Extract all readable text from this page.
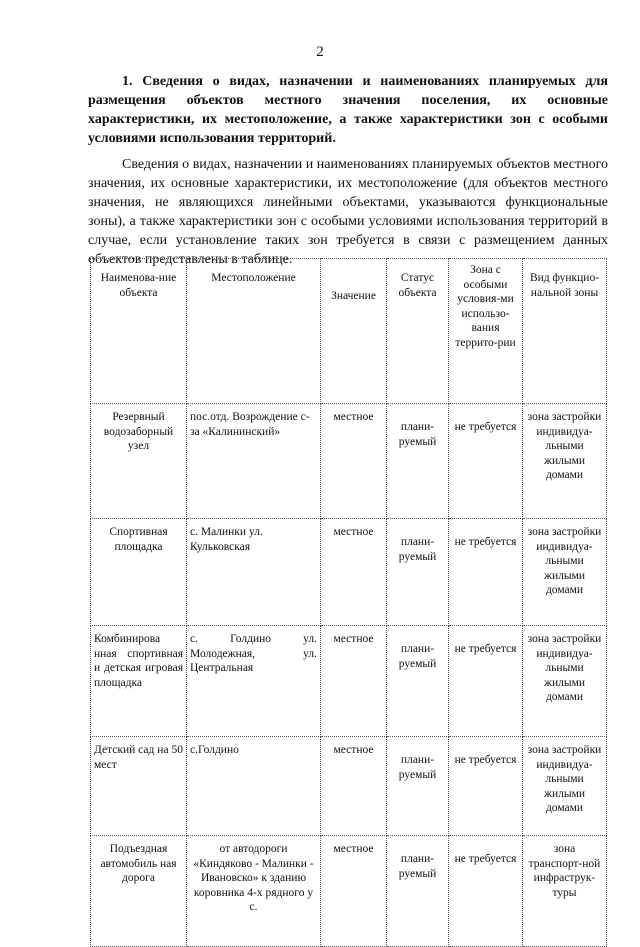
2
1. Сведения о видах, назначении и наименованиях планируемых для размещения объектов местного значения поселения, их основные характеристики, их местоположение, а также характеристики зон с особыми условиями использования территорий.
Сведения о видах, назначении и наименованиях планируемых объектов местного значения, их основные характеристики, их местоположение (для объектов местного значения, не являющихся линейными объектами, указываются функциональные зоны), а также характеристики зон с особыми условиями использования территорий в случае, если установление таких зон требуется в связи с размещением данных объектов представлены в таблице.
Наименова-ние объекта	Местоположение	Значение	Статус объекта	Зона с особыми условия-ми использо-вания террито-рии	Вид функцио-нальной зоны
Резервный водозаборный узел	пос.отд. Возрождение с-за «Калининский»	местное	плани-руемый	не требуется	зона застройки индивидуа-льными жилыми домами
Спортивная площадка	с. Малинки ул. Кульковская	местное	плани-руемый	не требуется	зона застройки индивидуа-льными жилыми домами
Комбинирова нная спортивная и детская игровая площадка	с. Голдино ул. Молодежная, ул. Центральная	местное	плани-руемый	не требуется	зона застройки индивидуа-льными жилыми домами
Детский сад на 50 мест	с.Голдино	местное	плани-руемый	не требуется	зона застройки индивидуа-льными жилыми домами
Подъездная автомобиль ная дорога	от автодороги «Киндяково - Малинки - Ивановско» к зданию коровника 4-х рядного у с.	местное	плани-руемый	не требуется	зона транспорт-ной инфраструк-туры
